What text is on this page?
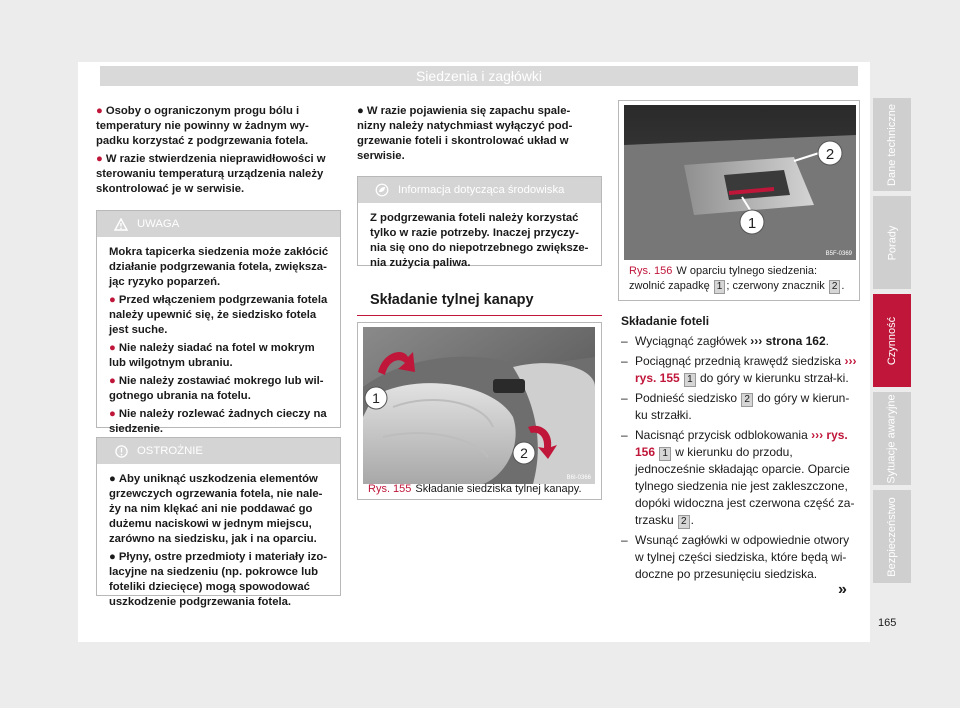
Siedzenia i zagłówki

● Osoby o ograniczonym progu bólu i temperatury nie powinny w żadnym wy-padku korzystać z podgrzewania fotela.

● W razie stwierdzenia nieprawidłowości w sterowaniu temperaturą urządzenia należy skontrolować je w serwisie.

UWAGA

Mokra tapicerka siedzenia może zakłócić działanie podgrzewania fotela, zwiększa-jąc ryzyko poparzeń.

● Przed włączeniem podgrzewania fotela należy upewnić się, że siedzisko fotela jest suche.

● Nie należy siadać na fotel w mokrym lub wilgotnym ubraniu.

● Nie należy zostawiać mokrego lub wil-gotnego ubrania na fotelu.

● Nie należy rozlewać żadnych cieczy na siedzenie.

OSTROŻNIE

● Aby uniknąć uszkodzenia elementów grzewczych ogrzewania fotela, nie nale-ży na nim klękać ani nie poddawać go dużemu naciskowi w jednym miejscu, zarówno na siedzisku, jak i na oparciu.

● Płyny, ostre przedmioty i materiały izo-lacyjne na siedzeniu (np. pokrowce lub foteliki dziecięce) mogą spowodować uszkodzenie podgrzewania fotela.

● W razie pojawienia się zapachu spale-nizny należy natychmiast wyłączyć pod-grzewanie foteli i skontrolować układ w serwisie.

Informacja dotycząca środowiska

Z podgrzewania foteli należy korzystać tylko w razie potrzeby. Inaczej przyczy-nia się ono do niepotrzebnego zwiększe-nia zużycia paliwa.

Składanie tylnej kanapy
1
2
B6I-0366
Rys. 155 Składanie siedziska tylnej kanapy.
1
2
B5F-0369
Rys. 156 W oparciu tylnego siedzenia: zwolnić zapadkę 1 ; czerwony znacznik 2 .

Składanie foteli

– Wyciągnąć zagłówek ››› strona 162.
– Pociągnąć przednią krawędź siedziska ››› rys. 155 1 do góry w kierunku strzał-ki.
– Podnieść siedzisko 2 do góry w kierun-ku strzałki.
– Nacisnąć przycisk odblokowania ››› rys. 156 1 w kierunku do przodu, jednocześnie składając oparcie. Oparcie tylnego siedzenia nie jest zakleszczone, dopóki widoczna jest czerwona część za-trzasku 2 .
– Wsunąć zagłówki w odpowiednie otwory w tylnej części siedziska, które będą wi-doczne po przesunięciu siedziska.
»
Dane techniczne
Porady
Czynność
Sytuacje awaryjne
Bezpieczeństwo
165
